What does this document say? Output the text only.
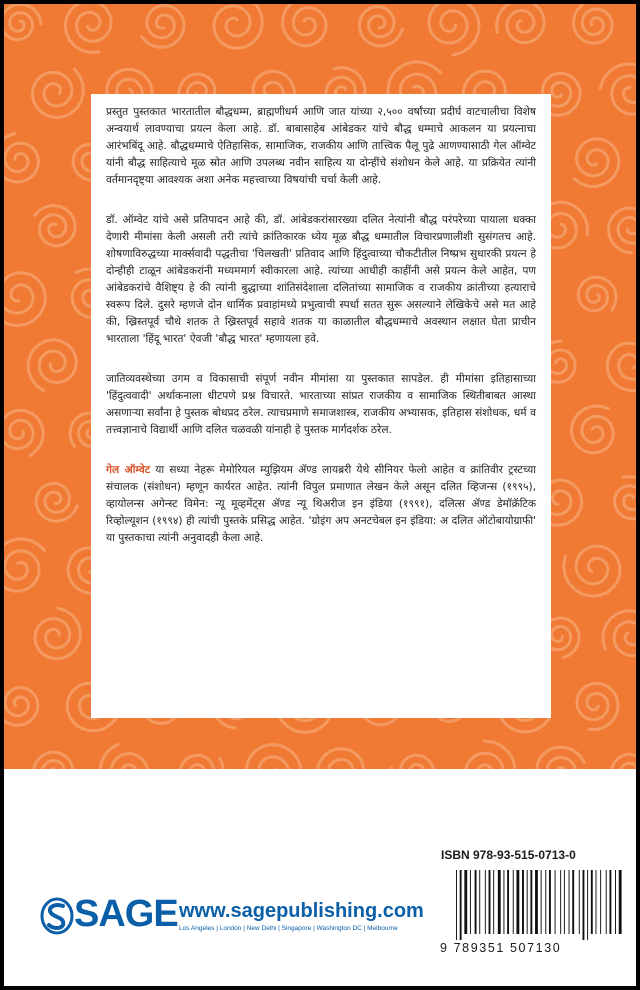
प्रस्तुत पुस्तकात भारतातील बौद्धधम्म, ब्राह्मणीधर्म आणि जात यांच्या २,५०० वर्षांच्या प्रदीर्घ वाटचालीचा विशेष अन्वयार्थ लावण्याचा प्रयत्न केला आहे. डॉ. बाबासाहेब आंबेडकर यांचे बौद्ध धम्माचे आकलन या प्रयत्नाचा आरंभबिंदू आहे. बौद्धधम्माचे ऐतिहासिक, सामाजिक, राजकीय आणि तात्त्विक पैलू पुढे आणण्यासाठी गेल ऑम्वेट यांनी बौद्ध साहित्याचे मूळ स्रोत आणि उपलब्ध नवीन साहित्य या दोन्हींचे संशोधन केले आहे. या प्रक्रियेत त्यांनी वर्तमानदृष्ट्या आवश्यक अशा अनेक महत्त्वाच्या विषयांची चर्चा केली आहे.

डॉ. ऑम्वेट यांचे असे प्रतिपादन आहे की, डॉ. आंबेडकरांसारख्या दलित नेत्यांनी बौद्ध परंपरेच्या पायाला धक्का देणारी मीमांसा केली असली तरी त्यांचे क्रांतिकारक ध्येय मूळ बौद्ध धम्मातील विचारप्रणालीशी सुसंगतच आहे. शोषणाविरुद्धच्या मार्क्सवादी पद्धतीचा 'चिलखती' प्रतिवाद आणि हिंदुत्वाच्या चौकटीतील निष्प्रभ सुधारकी प्रयत्न हे दोन्हीही टाळून आंबेडकरांनी मध्यममार्ग स्वीकारला आहे. त्यांच्या आधीही काहींनी असे प्रयत्न केले आहेत, पण आंबेडकरांचे वैशिष्ट्य हे की त्यांनी बुद्धाच्या शांतिसंदेशाला दलितांच्या सामाजिक व राजकीय क्रांतीच्या हत्याराचे स्वरूप दिले. दुसरे म्हणजे दोन धार्मिक प्रवाहांमध्ये प्रभुत्वाची स्पर्धा सतत सुरू असल्याने लेखिकेचे असे मत आहे की, ख्रिस्तपूर्व चौथे शतक ते ख्रिस्तपूर्व सहावे शतक या काळातील बौद्धधम्माचे अवस्थान लक्षात घेता प्राचीन भारताला 'हिंदू भारत' ऐवजी 'बौद्ध भारत' म्हणायला हवे.

जातिव्यवस्थेच्या उगम व विकासाची संपूर्ण नवीन मीमांसा या पुस्तकात सापडेल. ही मीमांसा इतिहासाच्या 'हिंदुत्ववादी' अर्थाकनाला धीटपणे प्रश्न विचारते. भारताच्या सांप्रत राजकीय व सामाजिक स्थितीबाबत आस्था असणाऱ्या सर्वांना हे पुस्तक बोधप्रद ठरेल. त्याचप्रमाणे समाजशास्त्र, राजकीय अभ्यासक, इतिहास संशोधक, धर्म व तत्त्वज्ञानाचे विद्यार्थी आणि दलित चळवळी यांनाही हे पुस्तक मार्गदर्शक ठरेल.

गेल ऑम्वेट या सध्या नेहरू मेमोरियल म्युझियम ॲण्ड लायब्ररी येथे सीनियर फेलो आहेत व क्रांतिवीर ट्रस्टच्या संचालक (संशोधन) म्हणून कार्यरत आहेत. त्यांनी विपुल प्रमाणात लेखन केले असून दलित व्हिजन्स (१९९५), व्हायोलन्स अगेन्स्ट विमेन: न्यू मूव्हमेंट्स ॲण्ड न्यू थिअरीज इन इंडिया (१९९१), दलित्स ॲण्ड डेमॉक्रॅटिक रिव्होल्यूशन (१९९४) ही त्यांची पुस्तके प्रसिद्ध आहेत. 'ग्रोइंग अप अनटचेबल इन इंडिया: अ दलित ऑटोबायोग्राफी' या पुस्तकाचा त्यांनी अनुवादही केला आहे.

ISBN 978-93-515-0713-0
9 789351 507130
SAGE www.sagepublishing.com
Los Angeles | London | New Delhi | Singapore | Washington DC | Melbourne
